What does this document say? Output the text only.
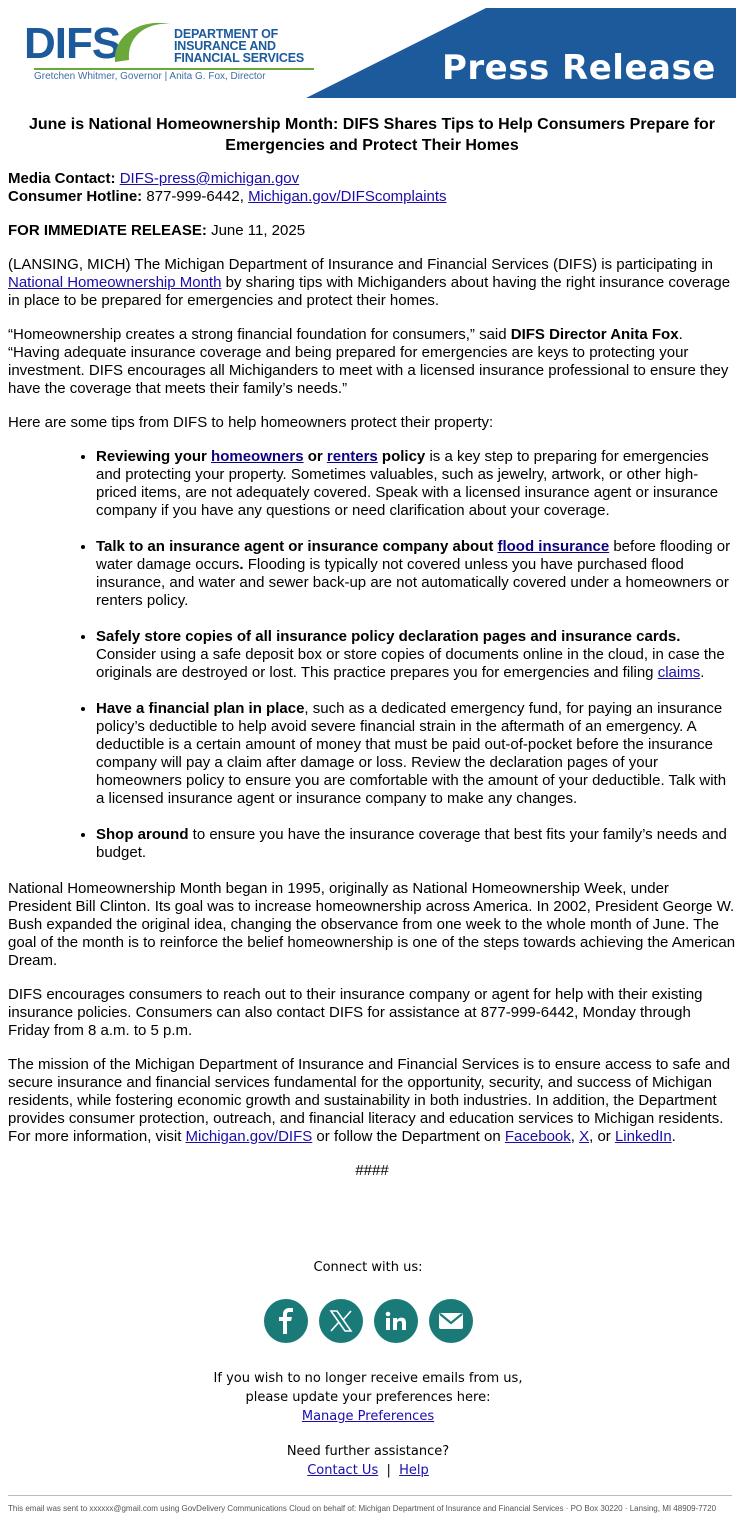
DIFS	DEPARTMENT OF
INSURANCE AND
FINANCIAL SERVICES
Gretchen Whitmer, Governor | Anita G. Fox, Director	Press Release
June is National Homeownership Month: DIFS Shares Tips to Help Consumers Prepare for Emergencies and Protect Their Homes

Media Contact: DIFS-press@michigan.gov
Consumer Hotline: 877-999-6442, Michigan.gov/DIFScomplaints

FOR IMMEDIATE RELEASE: June 11, 2025

(LANSING, MICH) The Michigan Department of Insurance and Financial Services (DIFS) is participating in National Homeownership Month by sharing tips with Michiganders about having the right insurance coverage in place to be prepared for emergencies and protect their homes.

“Homeownership creates a strong financial foundation for consumers,” said DIFS Director Anita Fox. “Having adequate insurance coverage and being prepared for emergencies are keys to protecting your investment. DIFS encourages all Michiganders to meet with a licensed insurance professional to ensure they have the coverage that meets their family’s needs.”

Here are some tips from DIFS to help homeowners protect their property:

• Reviewing your homeowners or renters policy is a key step to preparing for emergencies and protecting your property. Sometimes valuables, such as jewelry, artwork, or other high-priced items, are not adequately covered. Speak with a licensed insurance agent or insurance company if you have any questions or need clarification about your coverage.
• Talk to an insurance agent or insurance company about flood insurance before flooding or water damage occurs. Flooding is typically not covered unless you have purchased flood insurance, and water and sewer back-up are not automatically covered under a homeowners or renters policy.
• Safely store copies of all insurance policy declaration pages and insurance cards. Consider using a safe deposit box or store copies of documents online in the cloud, in case the originals are destroyed or lost. This practice prepares you for emergencies and filing claims.
• Have a financial plan in place, such as a dedicated emergency fund, for paying an insurance policy’s deductible to help avoid severe financial strain in the aftermath of an emergency. A deductible is a certain amount of money that must be paid out-of-pocket before the insurance company will pay a claim after damage or loss. Review the declaration pages of your homeowners policy to ensure you are comfortable with the amount of your deductible. Talk with a licensed insurance agent or insurance company to make any changes.
• Shop around to ensure you have the insurance coverage that best fits your family’s needs and budget.

National Homeownership Month began in 1995, originally as National Homeownership Week, under President Bill Clinton. Its goal was to increase homeownership across America. In 2002, President George W. Bush expanded the original idea, changing the observance from one week to the whole month of June. The goal of the month is to reinforce the belief homeownership is one of the steps towards achieving the American Dream.

DIFS encourages consumers to reach out to their insurance company or agent for help with their existing insurance policies. Consumers can also contact DIFS for assistance at 877-999-6442, Monday through Friday from 8 a.m. to 5 p.m.

The mission of the Michigan Department of Insurance and Financial Services is to ensure access to safe and secure insurance and financial services fundamental for the opportunity, security, and success of Michigan residents, while fostering economic growth and sustainability in both industries. In addition, the Department provides consumer protection, outreach, and financial literacy and education services to Michigan residents. For more information, visit Michigan.gov/DIFS or follow the Department on Facebook, X, or LinkedIn.

####
Connect with us:

If you wish to no longer receive emails from us,
please update your preferences here:
Manage Preferences

Need further assistance?
Contact Us | Help

This email was sent to xxxxxx@gmail.com using GovDelivery Communications Cloud on behalf of: Michigan Department of Insurance and Financial Services · PO Box 30220 · Lansing, MI 48909-7720
